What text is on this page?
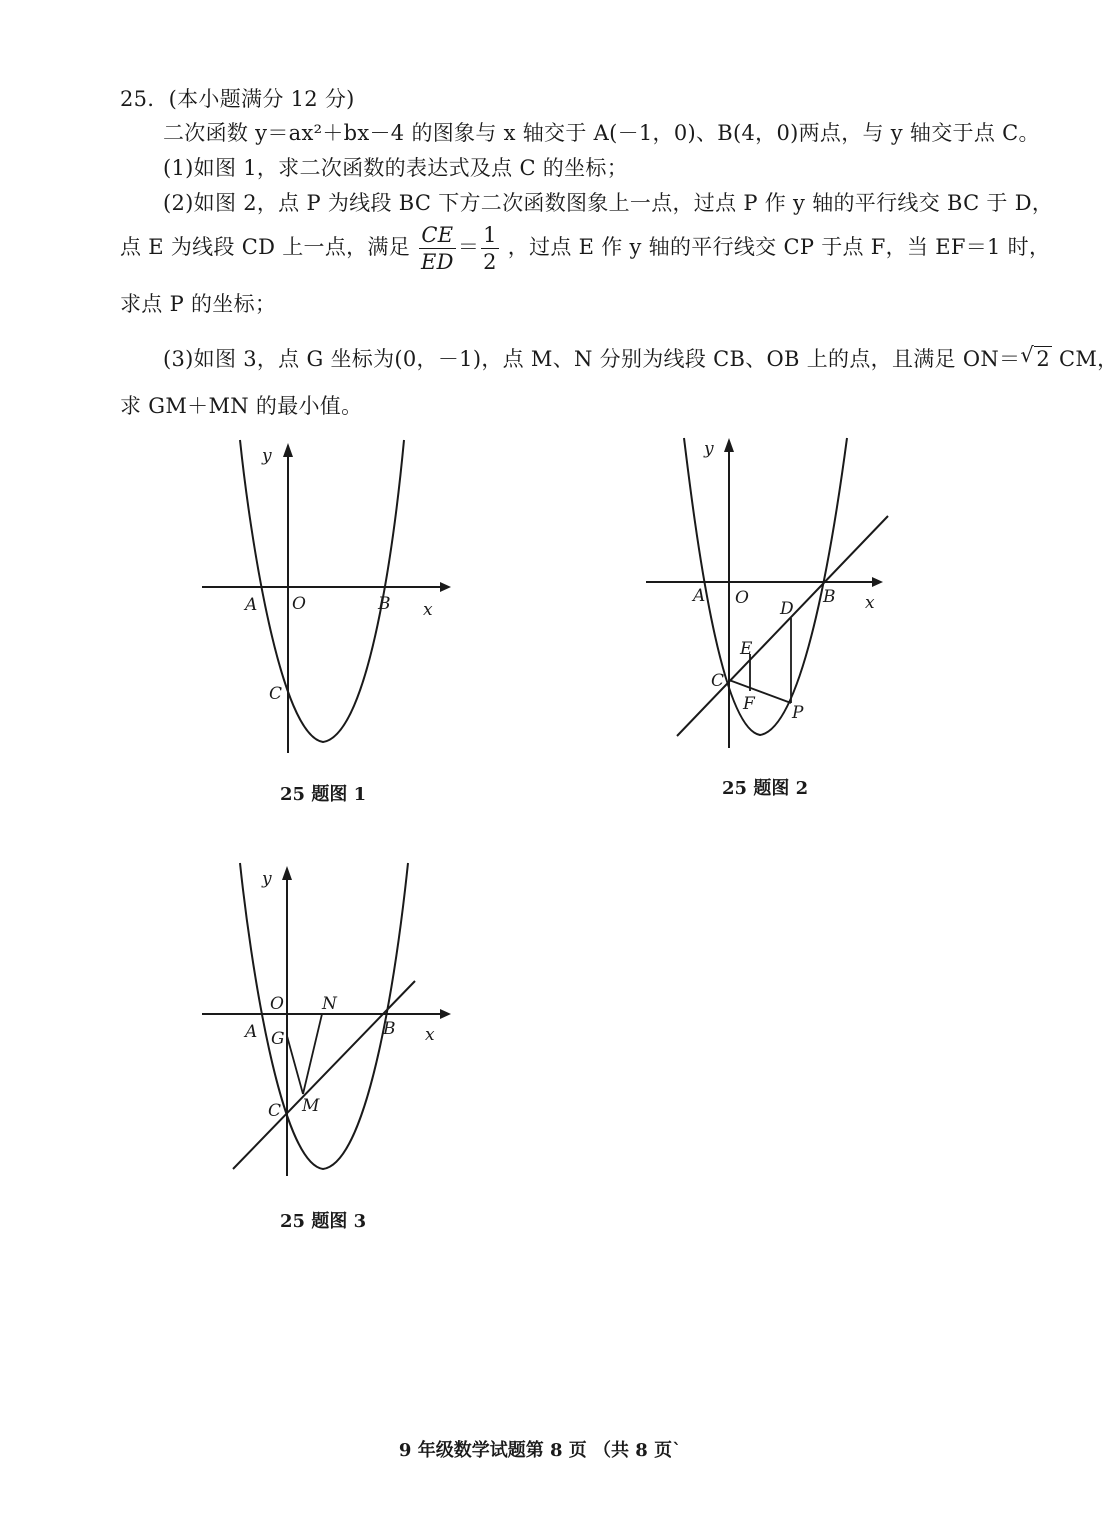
25．(本小题满分 12 分)
二次函数 y＝ax²＋bx－4 的图象与 x 轴交于 A(－1，0)、B(4，0)两点，与 y 轴交于点 C。
(1)如图 1，求二次函数的表达式及点 C 的坐标；
(2)如图 2，点 P 为线段 BC 下方二次函数图象上一点，过点 P 作 y 轴的平行线交 BC 于 D，
点 E 为线段 CD 上一点，满足 $\frac{CE}{ED} = \frac{1}{2}$ ，过点 E 作 y 轴的平行线交 CP 于点 F，当 EF＝1 时，
求点 P 的坐标；
(3)如图 3，点 G 坐标为(0，－1)，点 M、N 分别为线段 CB、OB 上的点，且满足 ON＝ √ 2 CM，
求 GM＋MN 的最小值。
y
x
A O	B
C
25 题图 1
y
x
A O	B
D
E
C
F P
25 题图 2
y
x
O N
A G	B
M
C
25 题图 3
9 年级数学试题第 8 页 （共 8 页`
